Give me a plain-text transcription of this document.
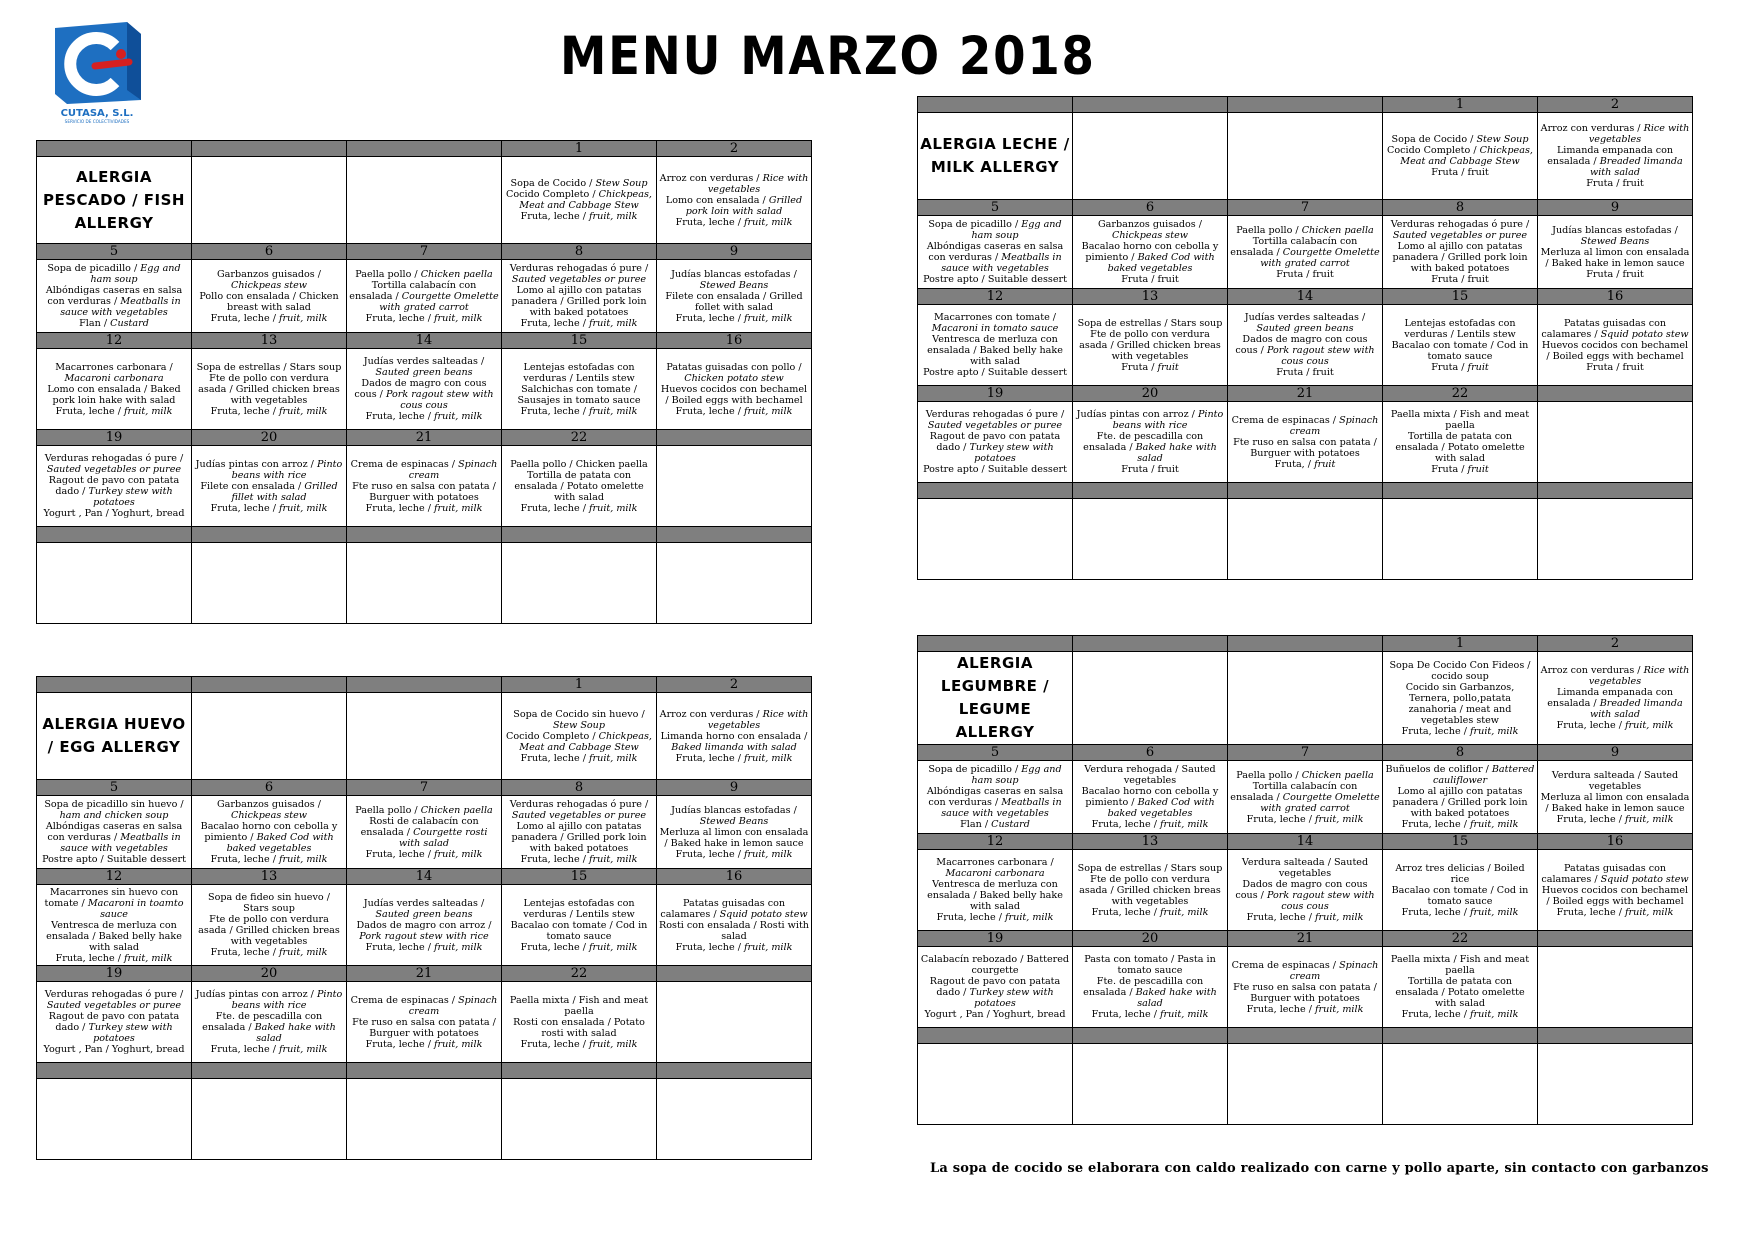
CUTASA, S.L.
SERVICIO DE COLECTIVIDADES
MENU MARZO 2018
			1	2
ALERGIA PESCADO / FISH ALLERGY			Sopa de Cocido / Stew Soup
Cocido Completo / Chickpeas, Meat and Cabbage Stew
Fruta, leche / fruit, milk	Arroz con verduras / Rice with vegetables
Lomo con ensalada / Grilled pork loin with salad
Fruta, leche / fruit, milk
5	6	7	8	9
Sopa de picadillo / Egg and ham soup
Albóndigas caseras en salsa con verduras / Meatballs in sauce with vegetables
Flan / Custard	Garbanzos guisados / Chickpeas stew
Pollo con ensalada / Chicken breast with salad
Fruta, leche / fruit, milk	Paella pollo / Chicken paella
Tortilla calabacín con ensalada / Courgette Omelette with grated carrot
Fruta, leche / fruit, milk	Verduras rehogadas ó pure / Sauted vegetables or puree
Lomo al ajillo con patatas panadera / Grilled pork loin with baked potatoes
Fruta, leche / fruit, milk	Judías blancas estofadas / Stewed Beans
Filete con ensalada / Grilled follet with salad
Fruta, leche / fruit, milk
12	13	14	15	16
Macarrones carbonara / Macaroni carbonara
Lomo con ensalada / Baked pork loin hake with salad
Fruta, leche / fruit, milk	Sopa de estrellas / Stars soup
Fte de pollo con verdura asada / Grilled chicken breas with vegetables
Fruta, leche / fruit, milk	Judías verdes salteadas / Sauted green beans
Dados de magro con cous cous / Pork ragout stew with cous cous
Fruta, leche / fruit, milk	Lentejas estofadas con verduras / Lentils stew
Salchichas con tomate / Sausajes in tomato sauce
Fruta, leche / fruit, milk	Patatas guisadas con pollo / Chicken potato stew
Huevos cocidos con bechamel / Boiled eggs with bechamel
Fruta, leche / fruit, milk
19	20	21	22	
Verduras rehogadas ó pure / Sauted vegetables or puree
Ragout de pavo con patata dado / Turkey stew with potatoes
Yogurt , Pan / Yoghurt, bread	Judías pintas con arroz / Pinto beans with rice
Filete con ensalada / Grilled fillet with salad
Fruta, leche / fruit, milk	Crema de espinacas / Spinach cream
Fte ruso en salsa con patata / Burguer with potatoes
Fruta, leche / fruit, milk	Paella pollo / Chicken paella
Tortilla de patata con ensalada / Potato omelette with salad
Fruta, leche / fruit, milk	

			1	2
ALERGIA HUEVO / EGG ALLERGY			Sopa de Cocido sin huevo / Stew Soup
Cocido Completo / Chickpeas, Meat and Cabbage Stew
Fruta, leche / fruit, milk	Arroz con verduras / Rice with vegetables
Limanda horno con ensalada / Baked limanda with salad
Fruta, leche / fruit, milk
5	6	7	8	9
Sopa de picadillo sin huevo / ham and chicken soup
Albóndigas caseras en salsa con verduras / Meatballs in sauce with vegetables
Postre apto / Suitable dessert	Garbanzos guisados / Chickpeas stew
Bacalao horno con cebolla y pimiento / Baked Cod with baked vegetables
Fruta, leche / fruit, milk	Paella pollo / Chicken paella
Rosti de calabacín con ensalada / Courgette rosti with salad
Fruta, leche / fruit, milk	Verduras rehogadas ó pure / Sauted vegetables or puree
Lomo al ajillo con patatas panadera / Grilled pork loin with baked potatoes
Fruta, leche / fruit, milk	Judías blancas estofadas / Stewed Beans
Merluza al limon con ensalada / Baked hake in lemon sauce
Fruta, leche / fruit, milk
12	13	14	15	16
Macarrones sin huevo con tomate / Macaroni in toamto sauce
Ventresca de merluza con ensalada / Baked belly hake with salad
Fruta, leche / fruit, milk	Sopa de fideo sin huevo / Stars soup
Fte de pollo con verdura asada / Grilled chicken breas with vegetables
Fruta, leche / fruit, milk	Judías verdes salteadas / Sauted green beans
Dados de magro con arroz / Pork ragout stew with rice
Fruta, leche / fruit, milk	Lentejas estofadas con verduras / Lentils stew
Bacalao con tomate / Cod in tomato sauce
Fruta, leche / fruit, milk	Patatas guisadas con calamares / Squid potato stew
Rosti con ensalada / Rosti with salad
Fruta, leche / fruit, milk
19	20	21	22	
Verduras rehogadas ó pure / Sauted vegetables or puree
Ragout de pavo con patata dado / Turkey stew with potatoes
Yogurt , Pan / Yoghurt, bread	Judías pintas con arroz / Pinto beans with rice
Fte. de pescadilla con ensalada / Baked hake with salad
Fruta, leche / fruit, milk	Crema de espinacas / Spinach cream
Fte ruso en salsa con patata / Burguer with potatoes
Fruta, leche / fruit, milk	Paella mixta / Fish and meat paella
Rosti con ensalada / Potato rosti with salad
Fruta, leche / fruit, milk	

			1	2
ALERGIA LECHE / MILK ALLERGY			Sopa de Cocido / Stew Soup
Cocido Completo / Chickpeas, Meat and Cabbage Stew
Fruta / fruit	Arroz con verduras / Rice with vegetables
Limanda empanada con ensalada / Breaded limanda with salad
Fruta / fruit
5	6	7	8	9
Sopa de picadillo / Egg and ham soup
Albóndigas caseras en salsa con verduras / Meatballs in sauce with vegetables
Postre apto / Suitable dessert	Garbanzos guisados / Chickpeas stew
Bacalao horno con cebolla y pimiento / Baked Cod with baked vegetables
Fruta / fruit	Paella pollo / Chicken paella
Tortilla calabacín con ensalada / Courgette Omelette with grated carrot
Fruta / fruit	Verduras rehogadas ó pure / Sauted vegetables or puree
Lomo al ajillo con patatas panadera / Grilled pork loin with baked potatoes
Fruta / fruit	Judías blancas estofadas / Stewed Beans
Merluza al limon con ensalada / Baked hake in lemon sauce
Fruta / fruit
12	13	14	15	16
Macarrones con tomate / Macaroni in tomato sauce
Ventresca de merluza con ensalada / Baked belly hake with salad
Postre apto / Suitable dessert	Sopa de estrellas / Stars soup
Fte de pollo con verdura asada / Grilled chicken breas with vegetables
Fruta / fruit	Judías verdes salteadas / Sauted green beans
Dados de magro con cous cous / Pork ragout stew with cous cous
Fruta / fruit	Lentejas estofadas con verduras / Lentils stew
Bacalao con tomate / Cod in tomato sauce
Fruta / fruit	Patatas guisadas con calamares / Squid potato stew
Huevos cocidos con bechamel / Boiled eggs with bechamel
Fruta / fruit
19	20	21	22	
Verduras rehogadas ó pure / Sauted vegetables or puree
Ragout de pavo con patata dado / Turkey stew with potatoes
Postre apto / Suitable dessert	Judías pintas con arroz / Pinto beans with rice
Fte. de pescadilla con ensalada / Baked hake with salad
Fruta / fruit	Crema de espinacas / Spinach cream
Fte ruso en salsa con patata / Burguer with potatoes
Fruta, / fruit	Paella mixta / Fish and meat paella
Tortilla de patata con ensalada / Potato omelette with salad
Fruta / fruit	

			1	2
ALERGIA LEGUMBRE / LEGUME ALLERGY			Sopa De Cocido Con Fideos / cocido soup
Cocido sin Garbanzos, Ternera, pollo,patata zanahoria / meat and vegetables stew
Fruta, leche / fruit, milk	Arroz con verduras / Rice with vegetables
Limanda empanada con ensalada / Breaded limanda with salad
Fruta, leche / fruit, milk
5	6	7	8	9
Sopa de picadillo / Egg and ham soup
Albóndigas caseras en salsa con verduras / Meatballs in sauce with vegetables
Flan / Custard	Verdura rehogada / Sauted vegetables
Bacalao horno con cebolla y pimiento / Baked Cod with baked vegetables
Fruta, leche / fruit, milk	Paella pollo / Chicken paella
Tortilla calabacín con ensalada / Courgette Omelette with grated carrot
Fruta, leche / fruit, milk	Buñuelos de coliflor / Battered cauliflower
Lomo al ajillo con patatas panadera / Grilled pork loin with baked potatoes
Fruta, leche / fruit, milk	Verdura salteada / Sauted vegetables
Merluza al limon con ensalada / Baked hake in lemon sauce
Fruta, leche / fruit, milk
12	13	14	15	16
Macarrones carbonara / Macaroni carbonara
Ventresca de merluza con ensalada / Baked belly hake with salad
Fruta, leche / fruit, milk	Sopa de estrellas / Stars soup
Fte de pollo con verdura asada / Grilled chicken breas with vegetables
Fruta, leche / fruit, milk	Verdura salteada / Sauted vegetables
Dados de magro con cous cous / Pork ragout stew with cous cous
Fruta, leche / fruit, milk	Arroz tres delicias / Boiled rice
Bacalao con tomate / Cod in tomato sauce
Fruta, leche / fruit, milk	Patatas guisadas con calamares / Squid potato stew
Huevos cocidos con bechamel / Boiled eggs with bechamel
Fruta, leche / fruit, milk
19	20	21	22	
Calabacín rebozado / Battered courgette
Ragout de pavo con patata dado / Turkey stew with potatoes
Yogurt , Pan / Yoghurt, bread	Pasta con tomato / Pasta in tomato sauce
Fte. de pescadilla con ensalada / Baked hake with salad
Fruta, leche / fruit, milk	Crema de espinacas / Spinach cream
Fte ruso en salsa con patata / Burguer with potatoes
Fruta, leche / fruit, milk	Paella mixta / Fish and meat paella
Tortilla de patata con ensalada / Potato omelette with salad
Fruta, leche / fruit, milk	

La sopa de cocido se elaborara con caldo realizado con carne y pollo aparte, sin contacto con garbanzos
